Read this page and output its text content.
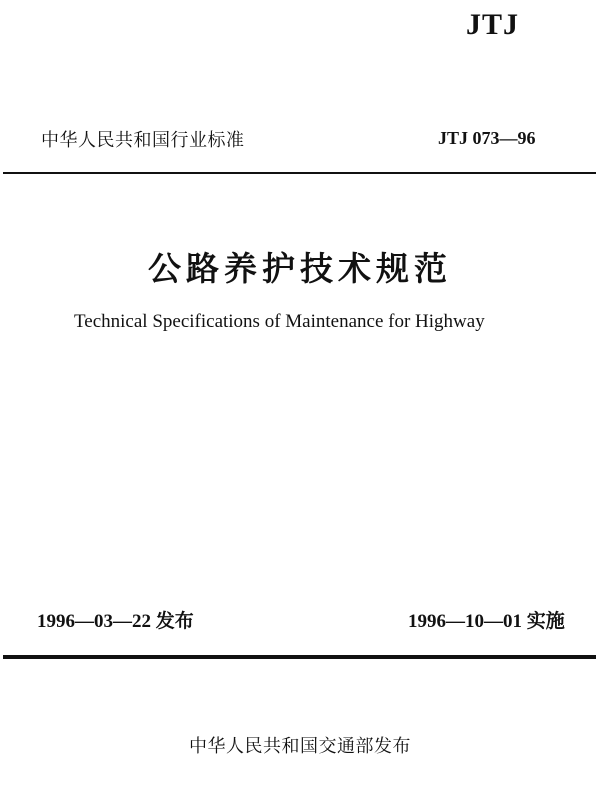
JTJ
中华人民共和国行业标准	JTJ 073—96
公路养护技术规范
Technical Specifications of Maintenance for Highway
1996—03—22 发布	1996—10—01 实施
中华人民共和国交通部发布
